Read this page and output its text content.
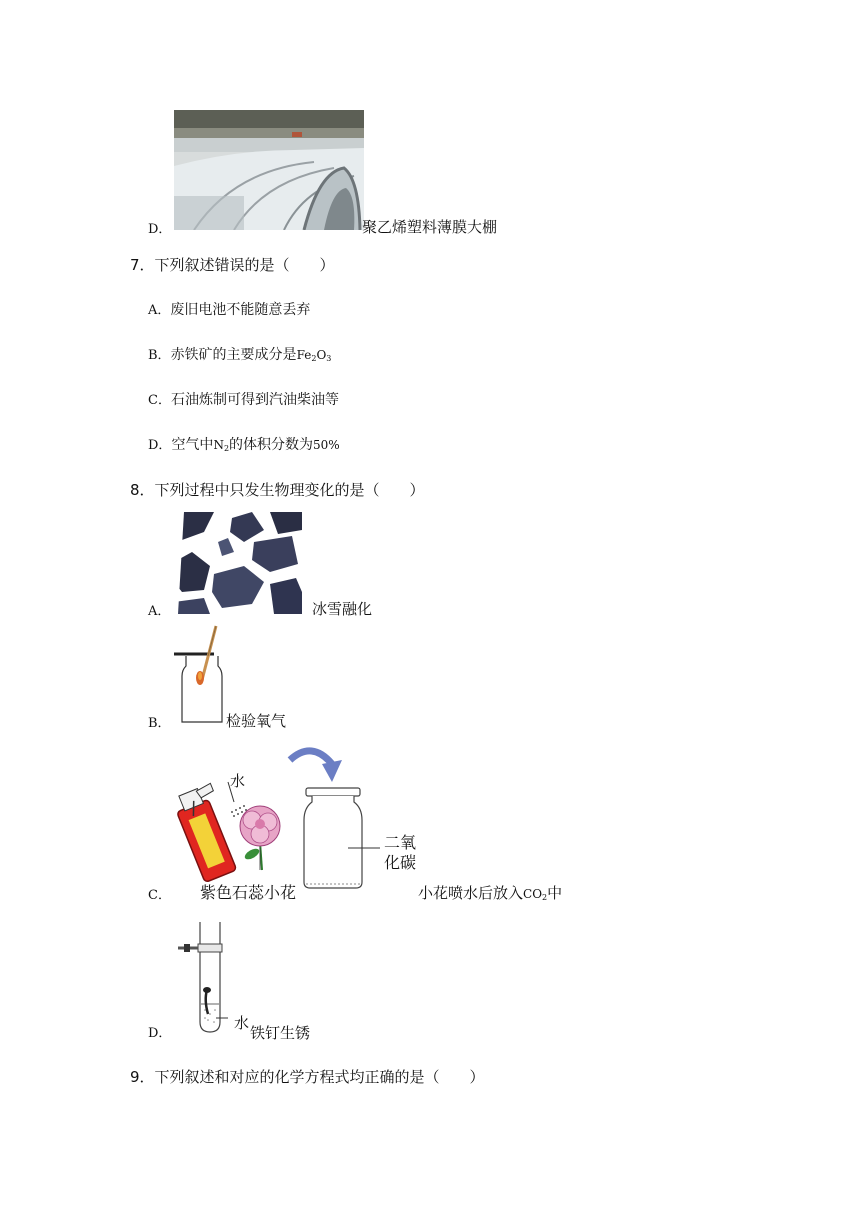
D．	聚乙烯塑料薄膜大棚
7．下列叙述错误的是（　　）
A．废旧电池不能随意丢弃
B．赤铁矿的主要成分是$Fe_2O_3$
C．石油炼制可得到汽油柴油等
D．空气中$N_2$的体积分数为50%
8．下列过程中只发生物理变化的是（　　）
A．	冰雪融化
B．	检验氧气
C．
水
紫色石蕊小花
二氧
化碳
小花喷水后放入$CO_2$中
D．
水
铁钉生锈
9．下列叙述和对应的化学方程式均正确的是（　　）
